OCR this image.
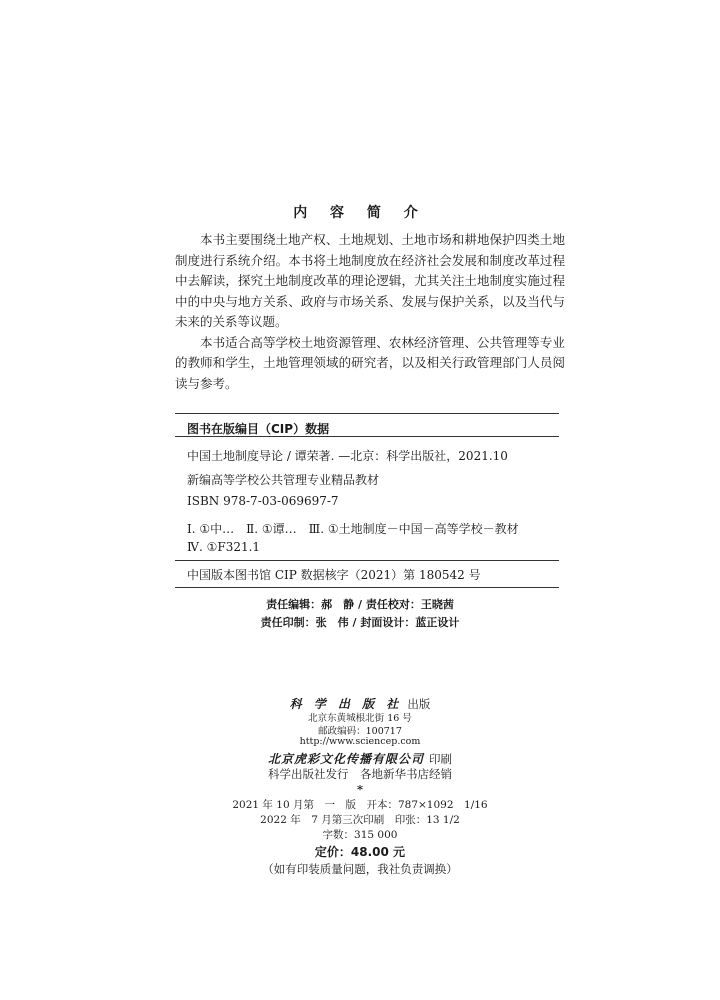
内 容 简 介

本书主要围绕土地产权、土地规划、土地市场和耕地保护四类土地制度进行系统介绍。本书将土地制度放在经济社会发展和制度改革过程中去解读，探究土地制度改革的理论逻辑，尤其关注土地制度实施过程中的中央与地方关系、政府与市场关系、发展与保护关系，以及当代与未来的关系等议题。

本书适合高等学校土地资源管理、农林经济管理、公共管理等专业的教师和学生，土地管理领域的研究者，以及相关行政管理部门人员阅读与参考。

图书在版编目（CIP）数据
中国土地制度导论 / 谭荣著. —北京：科学出版社，2021.10
新编高等学校公共管理专业精品教材
ISBN 978-7-03-069697-7
Ⅰ. ①中…　Ⅱ. ①谭…　Ⅲ. ①土地制度－中国－高等学校－教材
Ⅳ. ①F321.1
中国版本图书馆 CIP 数据核字（2021）第 180542 号
责任编辑：郝　静 / 责任校对：王晓茜
责任印制：张　伟 / 封面设计：蓝正设计
科 学 出 版 社 出版
北京东黄城根北街 16 号
邮政编码：100717
http://www.sciencep.com
北京虎彩文化传播有限公司 印刷
科学出版社发行　各地新华书店经销
*
2021 年 10 月第　一　版　开本：787×1092　1/16
2022 年　7 月第三次印刷　印张：13 1/2
字数：315 000
定价：48.00 元
（如有印装质量问题，我社负责调换）
